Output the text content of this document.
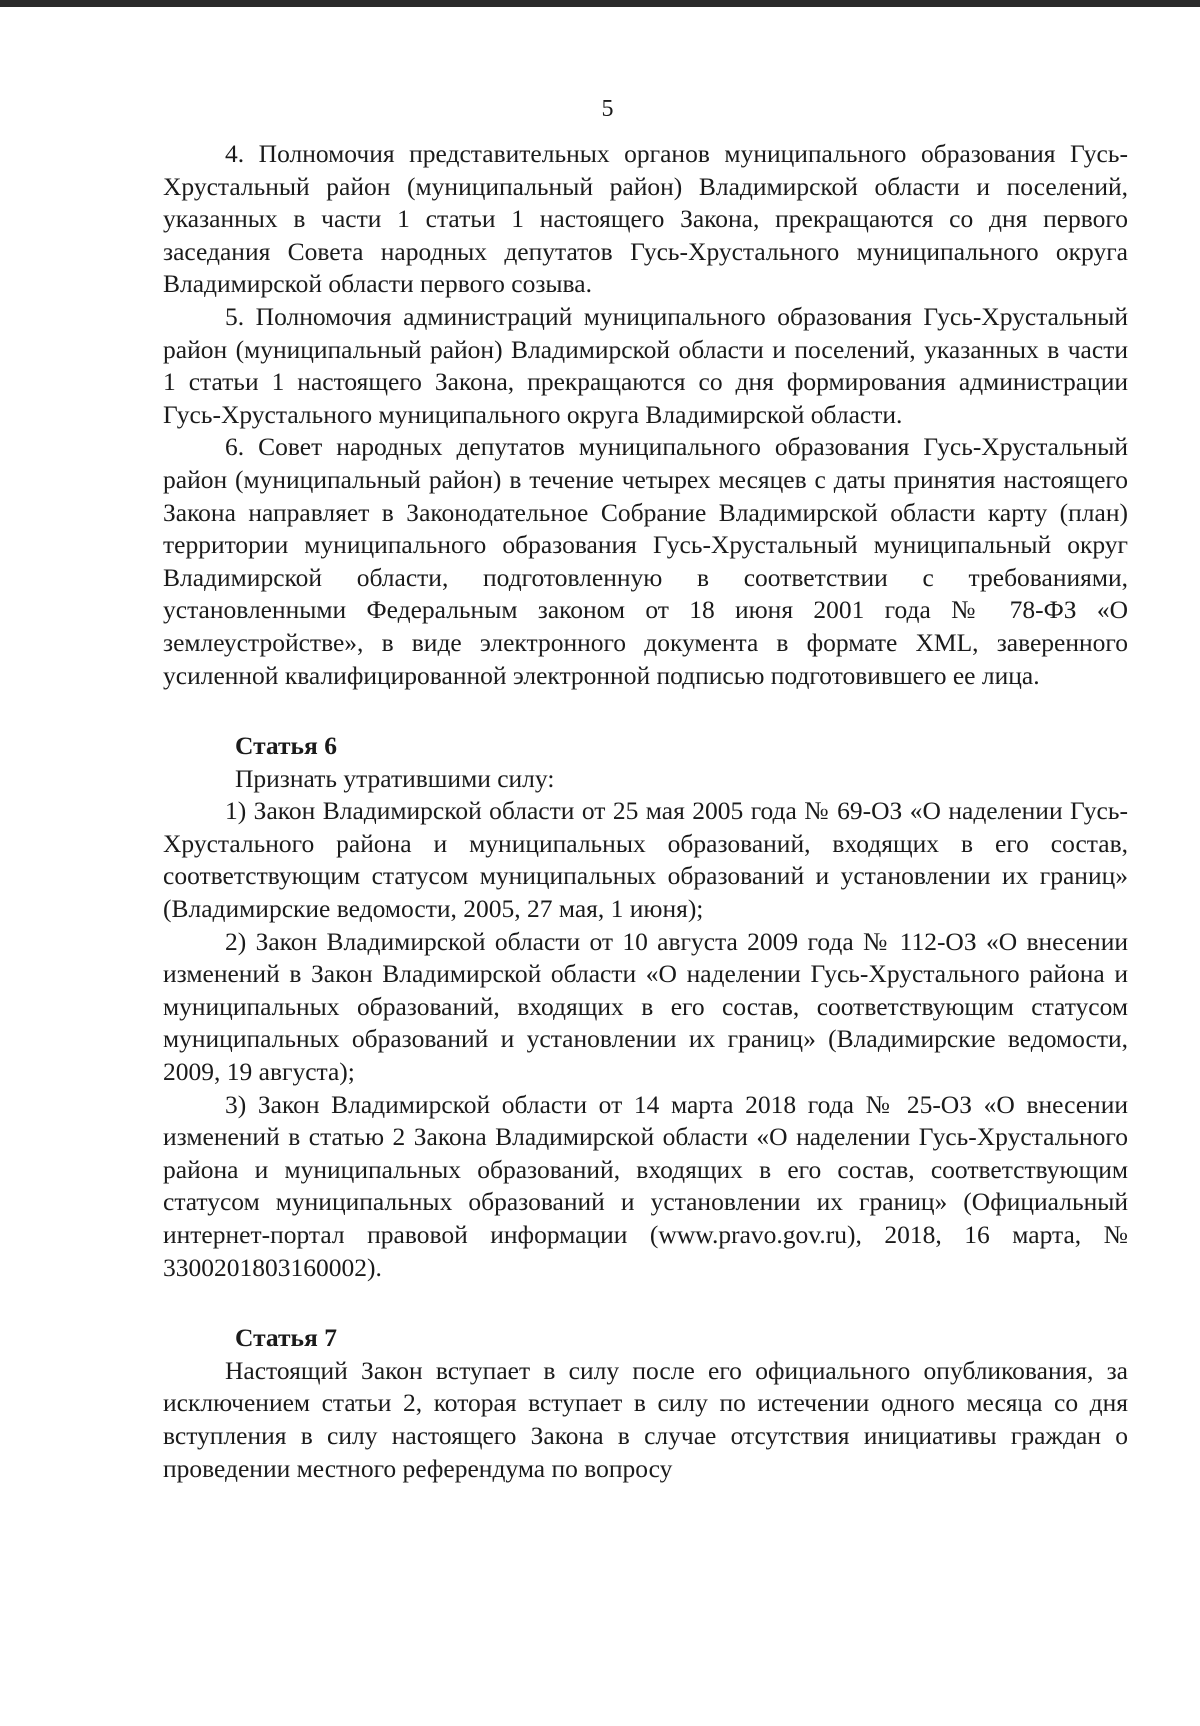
5

4. Полномочия представительных органов муниципального образования Гусь-Хрустальный район (муниципальный район) Владимирской области и поселений, указанных в части 1 статьи 1 настоящего Закона, прекращаются со дня первого заседания Совета народных депутатов Гусь-Хрустального муниципального округа Владимирской области первого созыва.

5. Полномочия администраций муниципального образования Гусь-Хрустальный район (муниципальный район) Владимирской области и поселений, указанных в части 1 статьи 1 настоящего Закона, прекращаются со дня формирования администрации Гусь-Хрустального муниципального округа Владимирской области.

6. Совет народных депутатов муниципального образования Гусь-Хрустальный район (муниципальный район) в течение четырех месяцев с даты принятия настоящего Закона направляет в Законодательное Собрание Владимирской области карту (план) территории муниципального образования Гусь-Хрустальный муниципальный округ Владимирской области, подготовленную в соответствии с требованиями, установленными Федеральным законом от 18 июня 2001 года № 78-ФЗ «О землеустройстве», в виде электронного документа в формате XML, заверенного усиленной квалифицированной электронной подписью подготовившего ее лица.

Статья 6

Признать утратившими силу:

1) Закон Владимирской области от 25 мая 2005 года № 69-ОЗ «О наделении Гусь-Хрустального района и муниципальных образований, входящих в его состав, соответствующим статусом муниципальных образований и установлении их границ» (Владимирские ведомости, 2005, 27 мая, 1 июня);

2) Закон Владимирской области от 10 августа 2009 года № 112-ОЗ «О внесении изменений в Закон Владимирской области «О наделении Гусь-Хрустального района и муниципальных образований, входящих в его состав, соответствующим статусом муниципальных образований и установлении их границ» (Владимирские ведомости, 2009, 19 августа);

3) Закон Владимирской области от 14 марта 2018 года № 25-ОЗ «О внесении изменений в статью 2 Закона Владимирской области «О наделении Гусь-Хрустального района и муниципальных образований, входящих в его состав, соответствующим статусом муниципальных образований и установлении их границ» (Официальный интернет-портал правовой информации (www.pravo.gov.ru), 2018, 16 марта, № 3300201803160002).

Статья 7

Настоящий Закон вступает в силу после его официального опубликования, за исключением статьи 2, которая вступает в силу по истечении одного месяца со дня вступления в силу настоящего Закона в случае отсутствия инициативы граждан о проведении местного референдума по вопросу
